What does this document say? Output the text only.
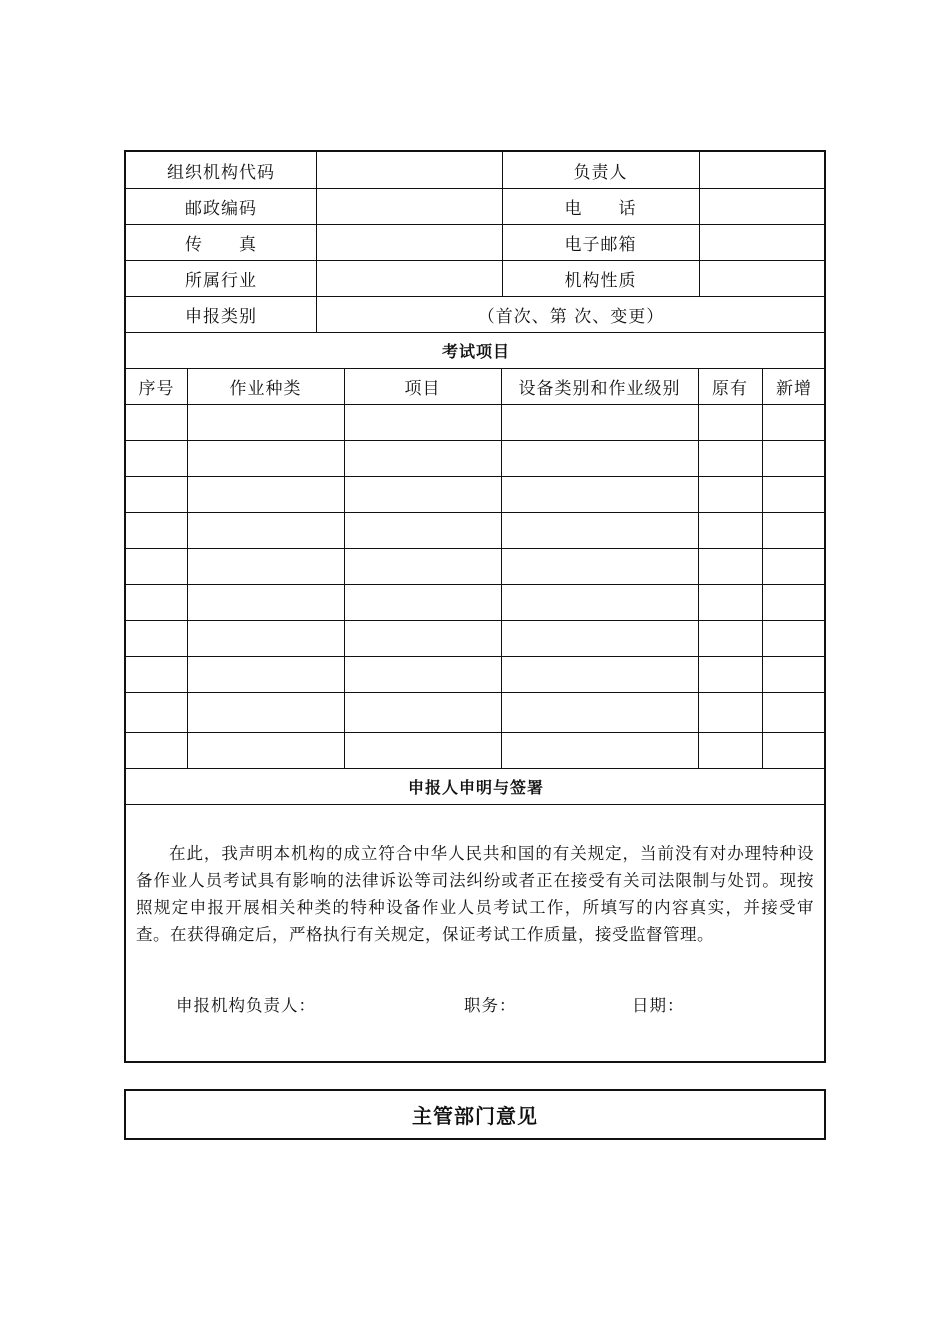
组织机构代码	负责人
邮政编码	电　　话
传　　真	电子邮箱
所属行业	机构性质
申报类别	（首次、第 次、变更）
考试项目
序号	作业种类	项目	设备类别和作业级别	原有	新增
申报人申明与签署

在此，我声明本机构的成立符合中华人民共和国的有关规定，当前没有对办理特种设备作业人员考试具有影响的法律诉讼等司法纠纷或者正在接受有关司法限制与处罚。现按照规定申报开展相关种类的特种设备作业人员考试工作，所填写的内容真实，并接受审查。在获得确定后，严格执行有关规定，保证考试工作质量，接受监督管理。

申报机构负责人：	职务：	日期：
主管部门意见
